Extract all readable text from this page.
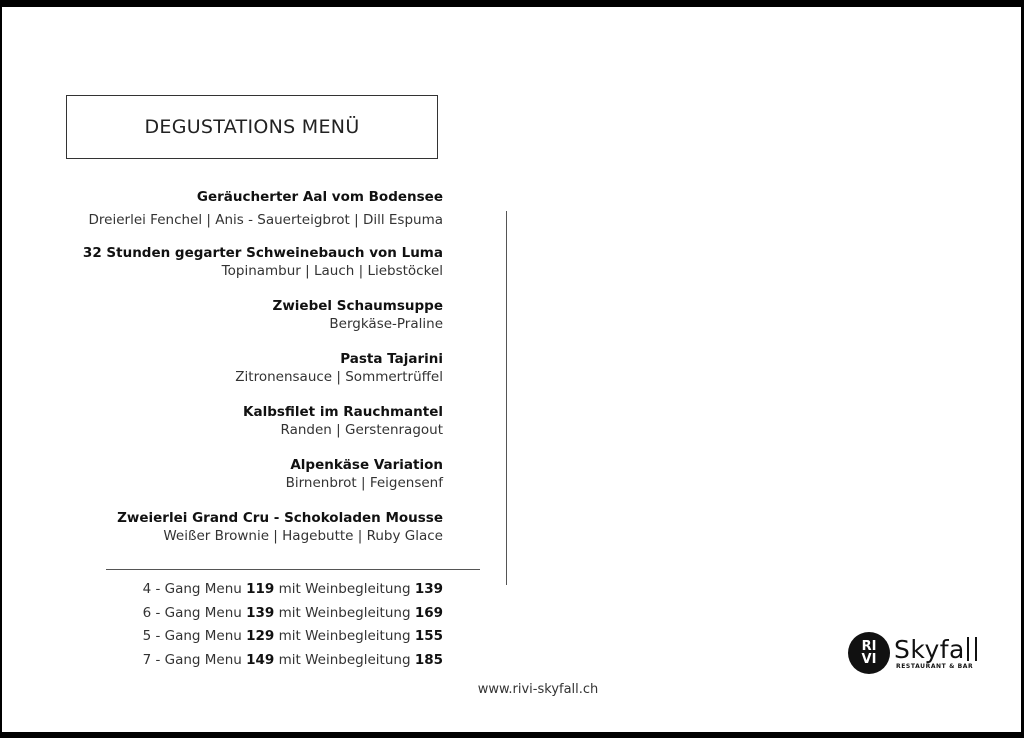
DEGUSTATIONS MENÜ
Geräucherter Aal vom Bodensee
Dreierlei Fenchel | Anis - Sauerteigbrot | Dill Espuma
32 Stunden gegarter Schweinebauch von Luma
Topinambur | Lauch | Liebstöckel
Zwiebel Schaumsuppe
Bergkäse-Praline
Pasta Tajarini
Zitronensauce | Sommertrüffel
Kalbsfilet im Rauchmantel
Randen | Gerstenragout
Alpenkäse Variation
Birnenbrot | Feigensenf
Zweierlei Grand Cru - Schokoladen Mousse
Weißer Brownie | Hagebutte | Ruby Glace
4 - Gang Menu 119 mit Weinbegleitung 139
6 - Gang Menu 139 mit Weinbegleitung 169
5 - Gang Menu 129 mit Weinbegleitung 155
7 - Gang Menu 149 mit Weinbegleitung 185
www.rivi-skyfall.ch
RI
VI Skyfa
RESTAURANT & BAR
